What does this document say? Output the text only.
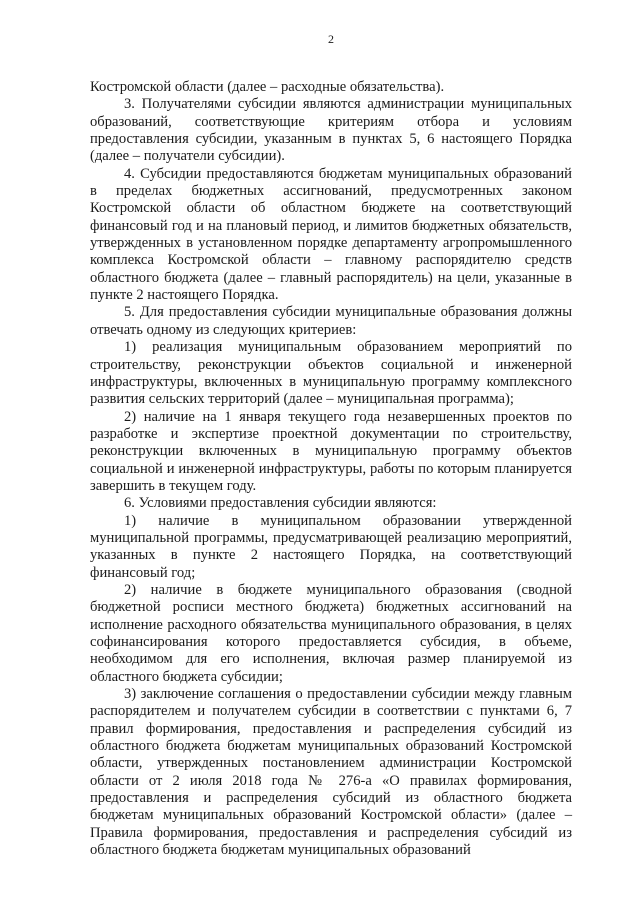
2

Костромской области (далее – расходные обязательства).

3. Получателями субсидии являются администрации муниципальных образований, соответствующие критериям отбора и условиям предоставления субсидии, указанным в пунктах 5, 6 настоящего Порядка (далее – получатели субсидии).

4. Субсидии предоставляются бюджетам муниципальных образований в пределах бюджетных ассигнований, предусмотренных законом Костромской области об областном бюджете на соответствующий финансовый год и на плановый период, и лимитов бюджетных обязательств, утвержденных в установленном порядке департаменту агропромышленного комплекса Костромской области – главному распорядителю средств областного бюджета (далее – главный распорядитель) на цели, указанные в пункте 2 настоящего Порядка.

5. Для предоставления субсидии муниципальные образования должны отвечать одному из следующих критериев:

1) реализация муниципальным образованием мероприятий по строительству, реконструкции объектов социальной и инженерной инфраструктуры, включенных в муниципальную программу комплексного развития сельских территорий (далее – муниципальная программа);

2) наличие на 1 января текущего года незавершенных проектов по разработке и экспертизе проектной документации по строительству, реконструкции включенных в муниципальную программу объектов социальной и инженерной инфраструктуры, работы по которым планируется завершить в текущем году.

6. Условиями предоставления субсидии являются:

1) наличие в муниципальном образовании утвержденной муниципальной программы, предусматривающей реализацию мероприятий, указанных в пункте 2 настоящего Порядка, на соответствующий финансовый год;

2) наличие в бюджете муниципального образования (сводной бюджетной росписи местного бюджета) бюджетных ассигнований на исполнение расходного обязательства муниципального образования, в целях софинансирования которого предоставляется субсидия, в объеме, необходимом для его исполнения, включая размер планируемой из областного бюджета субсидии;

3) заключение соглашения о предоставлении субсидии между главным распорядителем и получателем субсидии в соответствии с пунктами 6, 7 правил формирования, предоставления и распределения субсидий из областного бюджета бюджетам муниципальных образований Костромской области, утвержденных постановлением администрации Костромской области от 2 июля 2018 года № 276-а «О правилах формирования, предоставления и распределения субсидий из областного бюджета бюджетам муниципальных образований Костромской области» (далее – Правила формирования, предоставления и распределения субсидий из областного бюджета бюджетам муниципальных образований
